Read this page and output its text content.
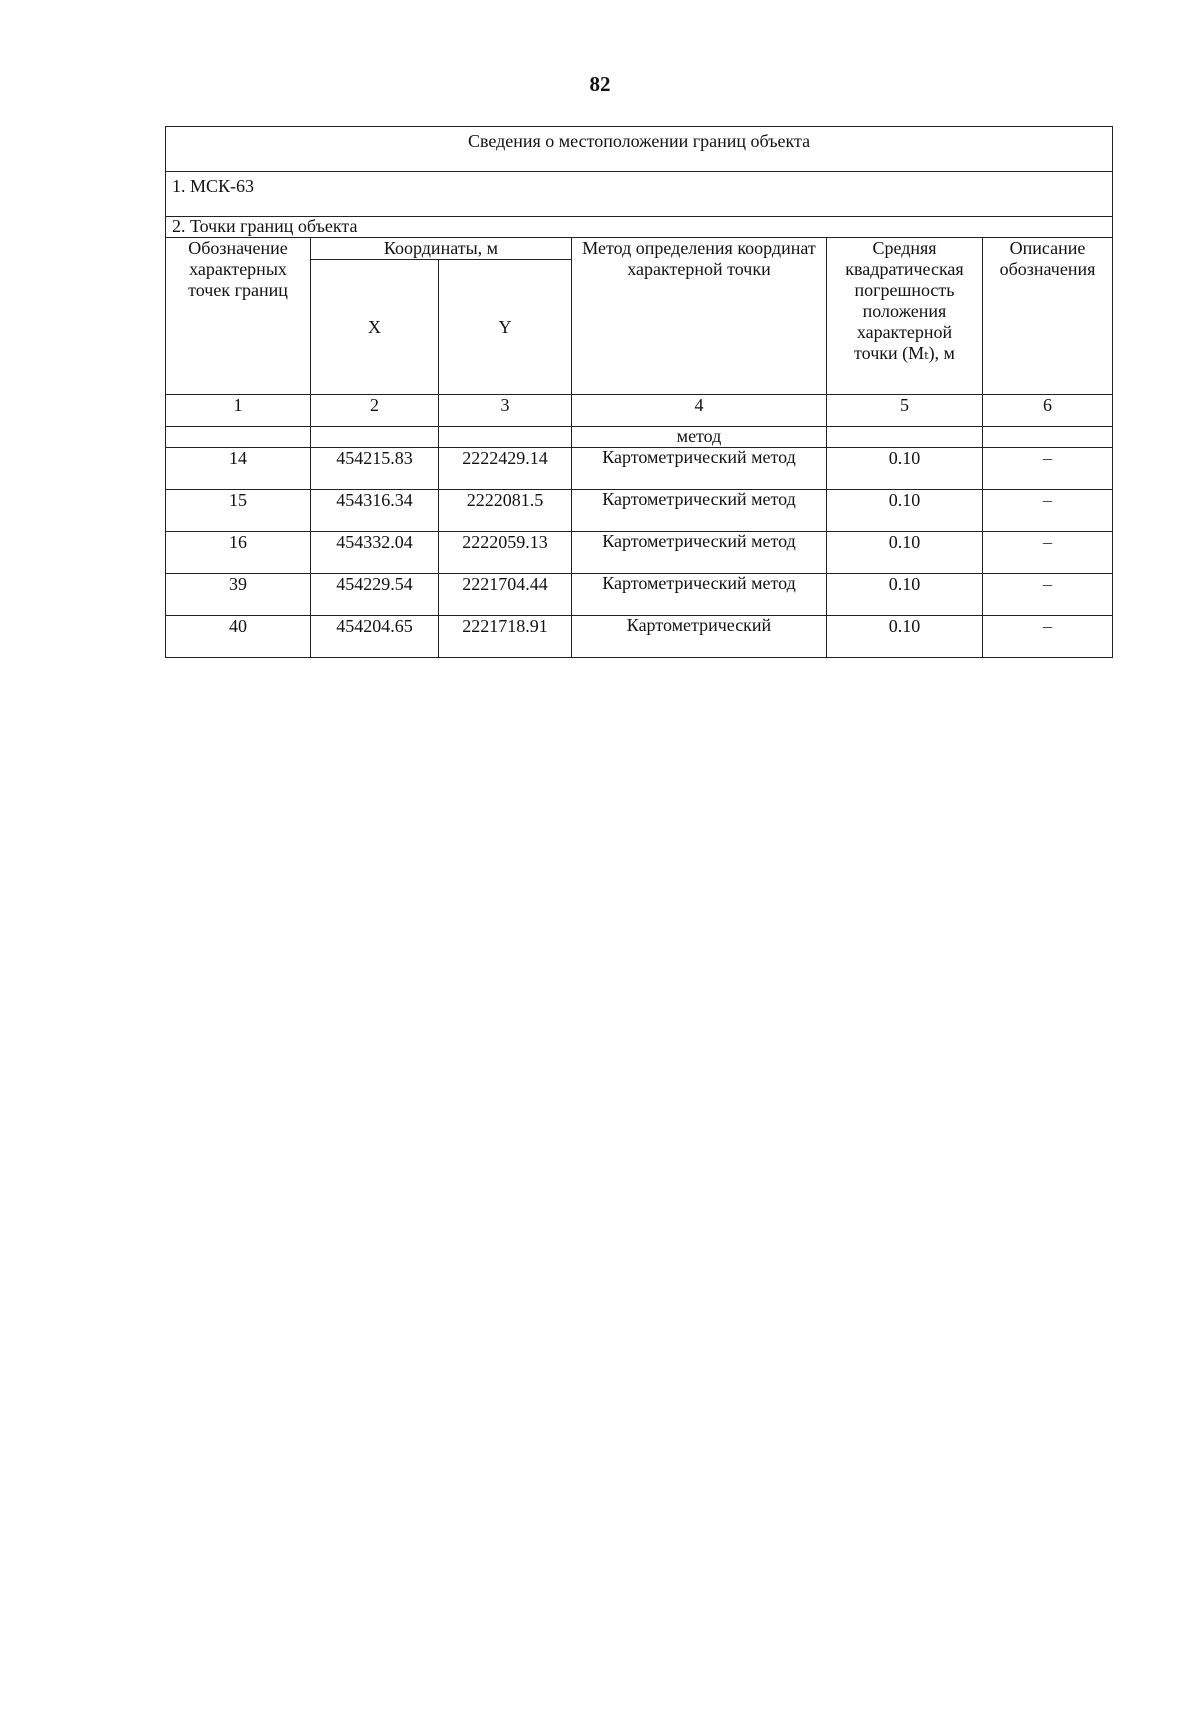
82
Сведения о местоположении границ объекта					
1. МСК-63					
2. Точки границ объекта					
Обозначение характерных точек границ	Координаты, м		Метод определения координат характерной точки	Средняя квадратическая погрешность положения характерной точки (Mₜ), м	Описание обозначения
	X	Y			
1	2	3	4	5	6
			метод		
14	454215.83	2222429.14	Картометрический метод	0.10	–
15	454316.34	2222081.5	Картометрический метод	0.10	–
16	454332.04	2222059.13	Картометрический метод	0.10	–
39	454229.54	2221704.44	Картометрический метод	0.10	–
40	454204.65	2221718.91	Картометрический	0.10	–
